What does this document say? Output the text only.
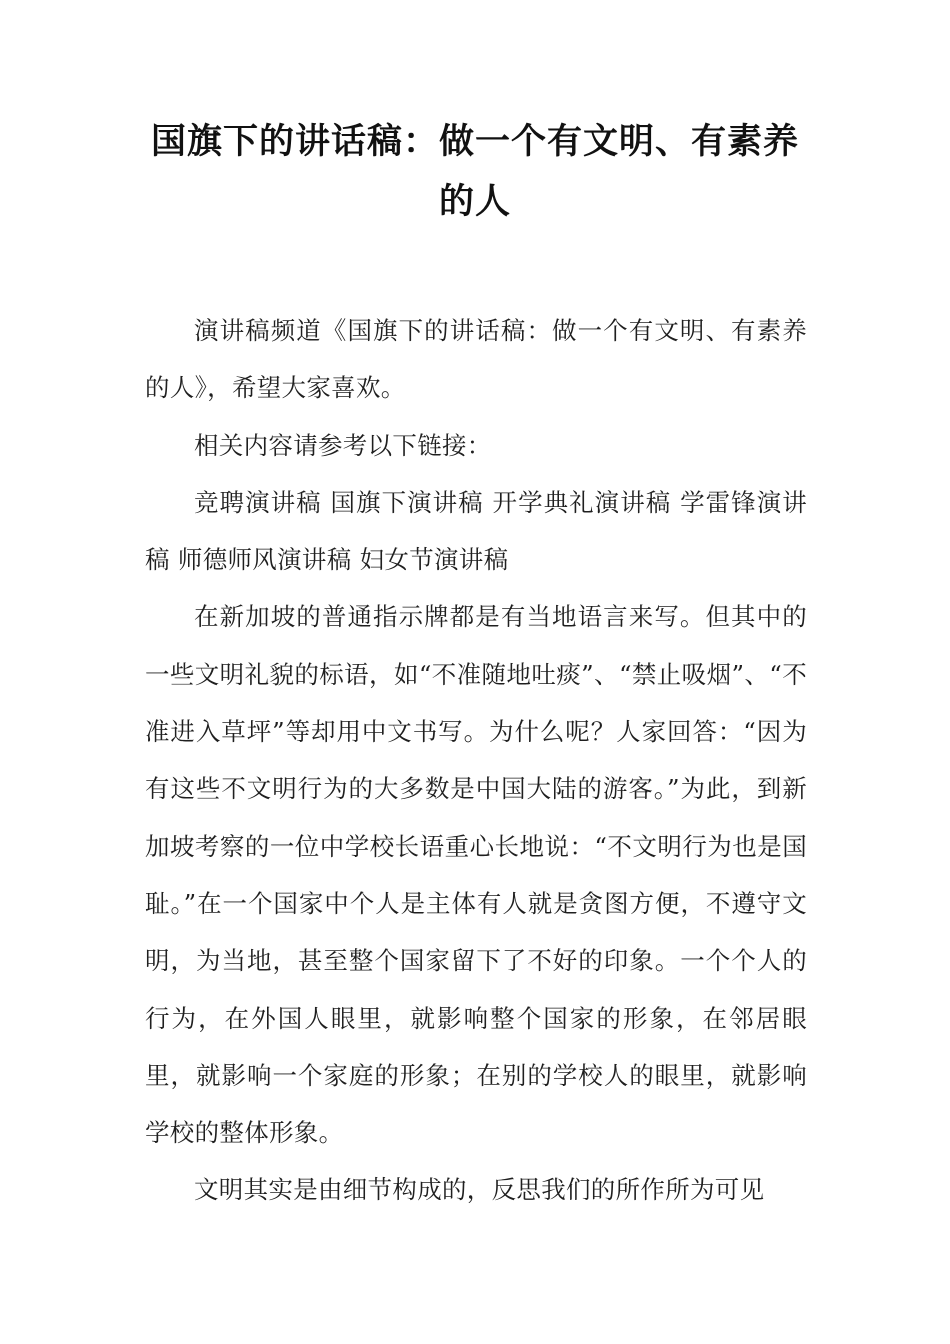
国旗下的讲话稿：做一个有文明、有素养的人

演讲稿频道《国旗下的讲话稿：做一个有文明、有素养的人》，希望大家喜欢。

相关内容请参考以下链接：

竞聘演讲稿 国旗下演讲稿 开学典礼演讲稿 学雷锋演讲稿 师德师风演讲稿 妇女节演讲稿

在新加坡的普通指示牌都是有当地语言来写。但其中的一些文明礼貌的标语，如“不准随地吐痰”、“禁止吸烟”、“不准进入草坪”等却用中文书写。为什么呢？人家回答：“因为有这些不文明行为的大多数是中国大陆的游客。”为此，到新加坡考察的一位中学校长语重心长地说：“不文明行为也是国耻。”在一个国家中个人是主体有人就是贪图方便，不遵守文明，为当地，甚至整个国家留下了不好的印象。一个个人的行为，在外国人眼里，就影响整个国家的形象，在邻居眼里，就影响一个家庭的形象；在别的学校人的眼里，就影响学校的整体形象。

文明其实是由细节构成的，反思我们的所作所为可见
